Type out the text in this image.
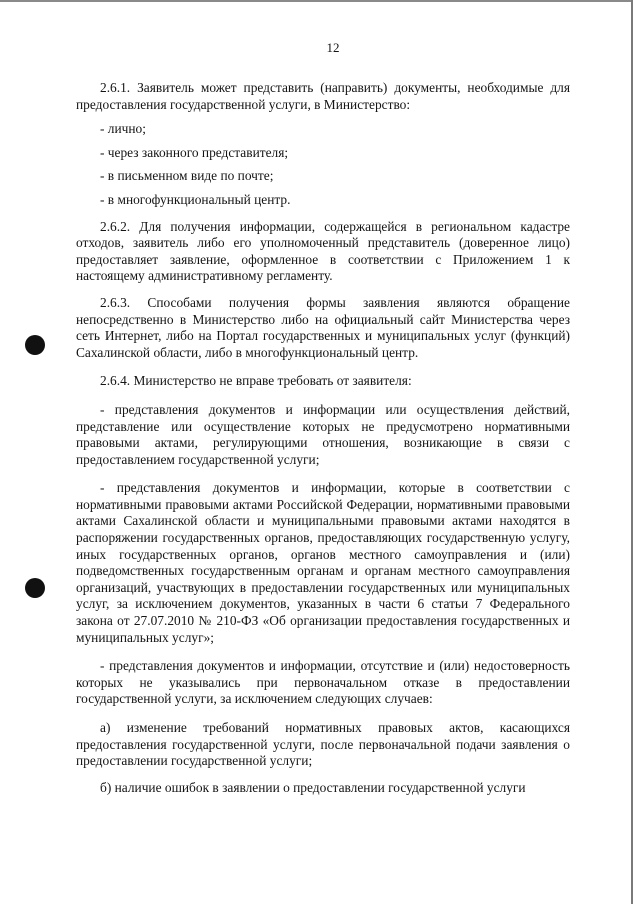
12

2.6.1. Заявитель может представить (направить) документы, необходимые для предоставления государственной услуги, в Министерство:

- лично;

- через законного представителя;

- в письменном виде по почте;

- в многофункциональный центр.

2.6.2. Для получения информации, содержащейся в региональном кадастре отходов, заявитель либо его уполномоченный представитель (доверенное лицо) предоставляет заявление, оформленное в соответствии с Приложением 1 к настоящему административному регламенту.

2.6.3. Способами получения формы заявления являются обращение непосредственно в Министерство либо на официальный сайт Министерства через сеть Интернет, либо на Портал государственных и муниципальных услуг (функций) Сахалинской области, либо в многофункциональный центр.

2.6.4. Министерство не вправе требовать от заявителя:

- представления документов и информации или осуществления действий, представление или осуществление которых не предусмотрено нормативными правовыми актами, регулирующими отношения, возникающие в связи с предоставлением государственной услуги;

- представления документов и информации, которые в соответствии с нормативными правовыми актами Российской Федерации, нормативными правовыми актами Сахалинской области и муниципальными правовыми актами находятся в распоряжении государственных органов, предоставляющих государственную услугу, иных государственных органов, органов местного самоуправления и (или) подведомственных государственным органам и органам местного самоуправления организаций, участвующих в предоставлении государственных или муниципальных услуг, за исключением документов, указанных в части 6 статьи 7 Федерального закона от 27.07.2010 № 210-ФЗ «Об организации предоставления государственных и муниципальных услуг»;

- представления документов и информации, отсутствие и (или) недостоверность которых не указывались при первоначальном отказе в предоставлении государственной услуги, за исключением следующих случаев:

а) изменение требований нормативных правовых актов, касающихся предоставления государственной услуги, после первоначальной подачи заявления о предоставлении государственной услуги;

б) наличие ошибок в заявлении о предоставлении государственной услуги
